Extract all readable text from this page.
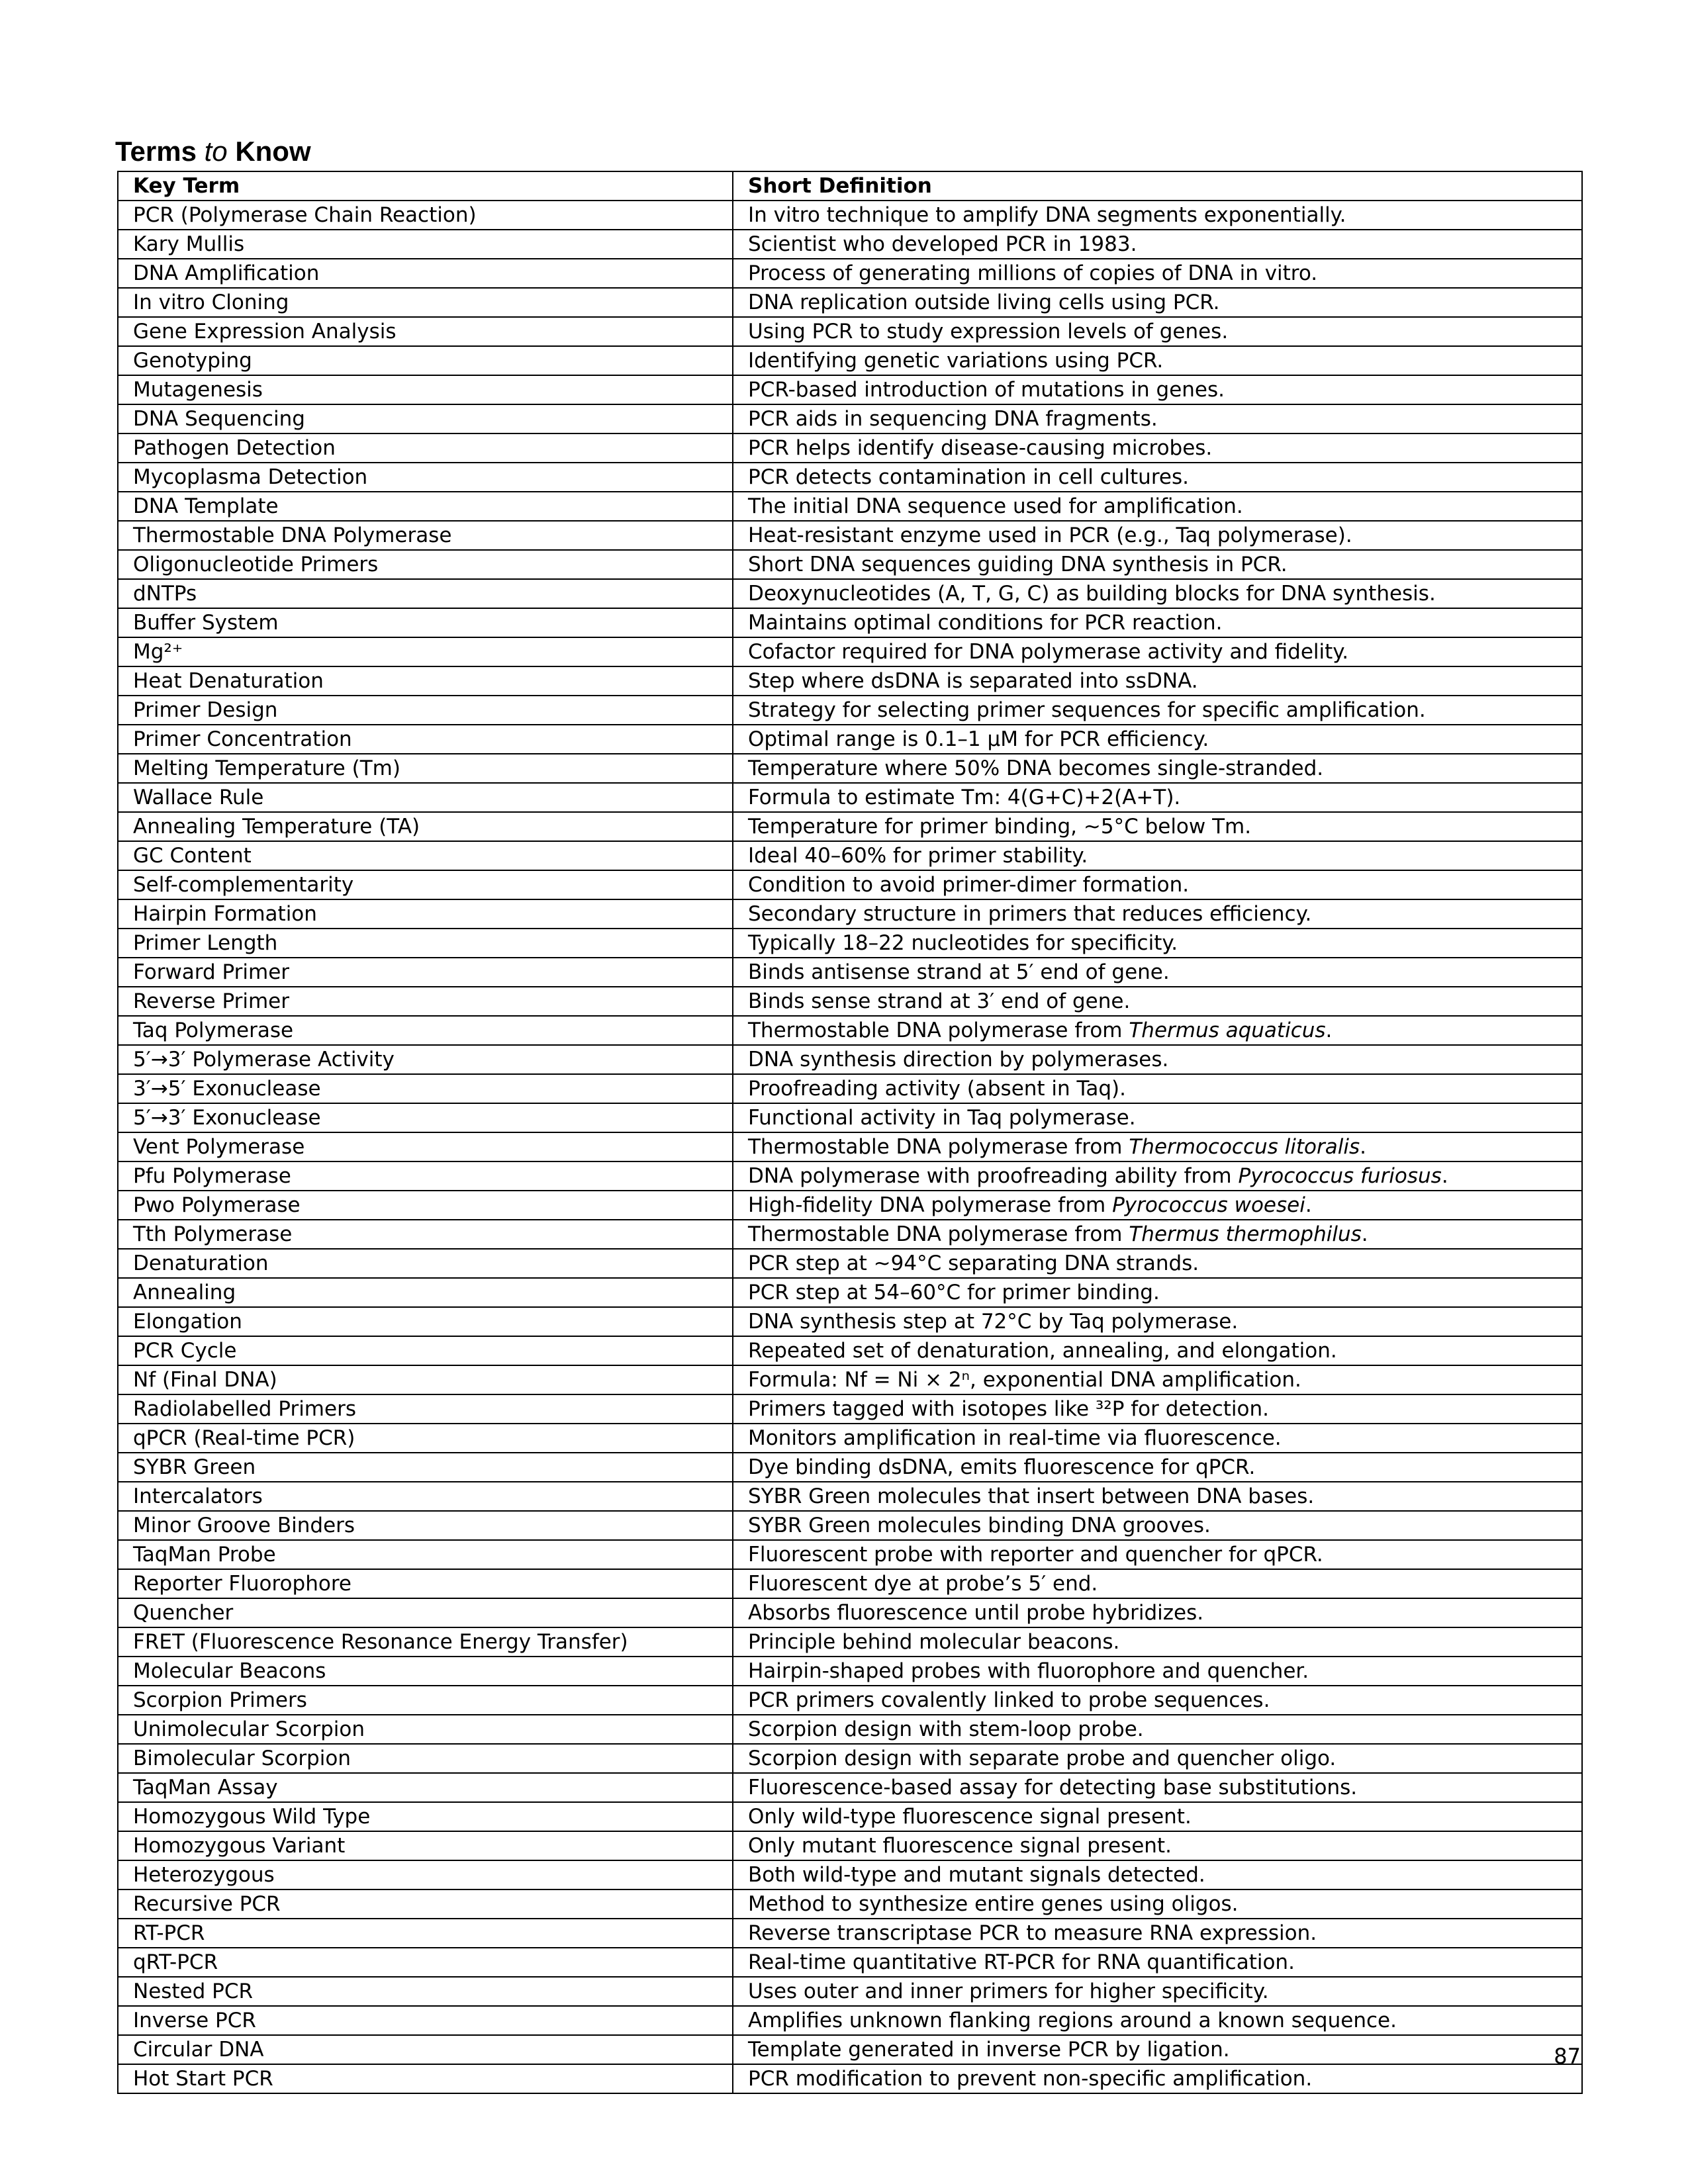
Terms to Know
Key Term	Short Definition
PCR (Polymerase Chain Reaction)	In vitro technique to amplify DNA segments exponentially.
Kary Mullis	Scientist who developed PCR in 1983.
DNA Amplification	Process of generating millions of copies of DNA in vitro.
In vitro Cloning	DNA replication outside living cells using PCR.
Gene Expression Analysis	Using PCR to study expression levels of genes.
Genotyping	Identifying genetic variations using PCR.
Mutagenesis	PCR-based introduction of mutations in genes.
DNA Sequencing	PCR aids in sequencing DNA fragments.
Pathogen Detection	PCR helps identify disease-causing microbes.
Mycoplasma Detection	PCR detects contamination in cell cultures.
DNA Template	The initial DNA sequence used for amplification.
Thermostable DNA Polymerase	Heat-resistant enzyme used in PCR (e.g., Taq polymerase).
Oligonucleotide Primers	Short DNA sequences guiding DNA synthesis in PCR.
dNTPs	Deoxynucleotides (A, T, G, C) as building blocks for DNA synthesis.
Buffer System	Maintains optimal conditions for PCR reaction.
Mg²⁺	Cofactor required for DNA polymerase activity and fidelity.
Heat Denaturation	Step where dsDNA is separated into ssDNA.
Primer Design	Strategy for selecting primer sequences for specific amplification.
Primer Concentration	Optimal range is 0.1–1 µM for PCR efficiency.
Melting Temperature (Tm)	Temperature where 50% DNA becomes single-stranded.
Wallace Rule	Formula to estimate Tm: 4(G+C)+2(A+T).
Annealing Temperature (TA)	Temperature for primer binding, ~5°C below Tm.
GC Content	Ideal 40–60% for primer stability.
Self-complementarity	Condition to avoid primer-dimer formation.
Hairpin Formation	Secondary structure in primers that reduces efficiency.
Primer Length	Typically 18–22 nucleotides for specificity.
Forward Primer	Binds antisense strand at 5′ end of gene.
Reverse Primer	Binds sense strand at 3′ end of gene.
Taq Polymerase	Thermostable DNA polymerase from Thermus aquaticus.
5′→3′ Polymerase Activity	DNA synthesis direction by polymerases.
3′→5′ Exonuclease	Proofreading activity (absent in Taq).
5′→3′ Exonuclease	Functional activity in Taq polymerase.
Vent Polymerase	Thermostable DNA polymerase from Thermococcus litoralis.
Pfu Polymerase	DNA polymerase with proofreading ability from Pyrococcus furiosus.
Pwo Polymerase	High-fidelity DNA polymerase from Pyrococcus woesei.
Tth Polymerase	Thermostable DNA polymerase from Thermus thermophilus.
Denaturation	PCR step at ~94°C separating DNA strands.
Annealing	PCR step at 54–60°C for primer binding.
Elongation	DNA synthesis step at 72°C by Taq polymerase.
PCR Cycle	Repeated set of denaturation, annealing, and elongation.
Nf (Final DNA)	Formula: Nf = Ni × 2ⁿ, exponential DNA amplification.
Radiolabelled Primers	Primers tagged with isotopes like ³²P for detection.
qPCR (Real-time PCR)	Monitors amplification in real-time via fluorescence.
SYBR Green	Dye binding dsDNA, emits fluorescence for qPCR.
Intercalators	SYBR Green molecules that insert between DNA bases.
Minor Groove Binders	SYBR Green molecules binding DNA grooves.
TaqMan Probe	Fluorescent probe with reporter and quencher for qPCR.
Reporter Fluorophore	Fluorescent dye at probe’s 5′ end.
Quencher	Absorbs fluorescence until probe hybridizes.
FRET (Fluorescence Resonance Energy Transfer)	Principle behind molecular beacons.
Molecular Beacons	Hairpin-shaped probes with fluorophore and quencher.
Scorpion Primers	PCR primers covalently linked to probe sequences.
Unimolecular Scorpion	Scorpion design with stem-loop probe.
Bimolecular Scorpion	Scorpion design with separate probe and quencher oligo.
TaqMan Assay	Fluorescence-based assay for detecting base substitutions.
Homozygous Wild Type	Only wild-type fluorescence signal present.
Homozygous Variant	Only mutant fluorescence signal present.
Heterozygous	Both wild-type and mutant signals detected.
Recursive PCR	Method to synthesize entire genes using oligos.
RT-PCR	Reverse transcriptase PCR to measure RNA expression.
qRT-PCR	Real-time quantitative RT-PCR for RNA quantification.
Nested PCR	Uses outer and inner primers for higher specificity.
Inverse PCR	Amplifies unknown flanking regions around a known sequence.
Circular DNA	Template generated in inverse PCR by ligation.
Hot Start PCR	PCR modification to prevent non-specific amplification.
87
